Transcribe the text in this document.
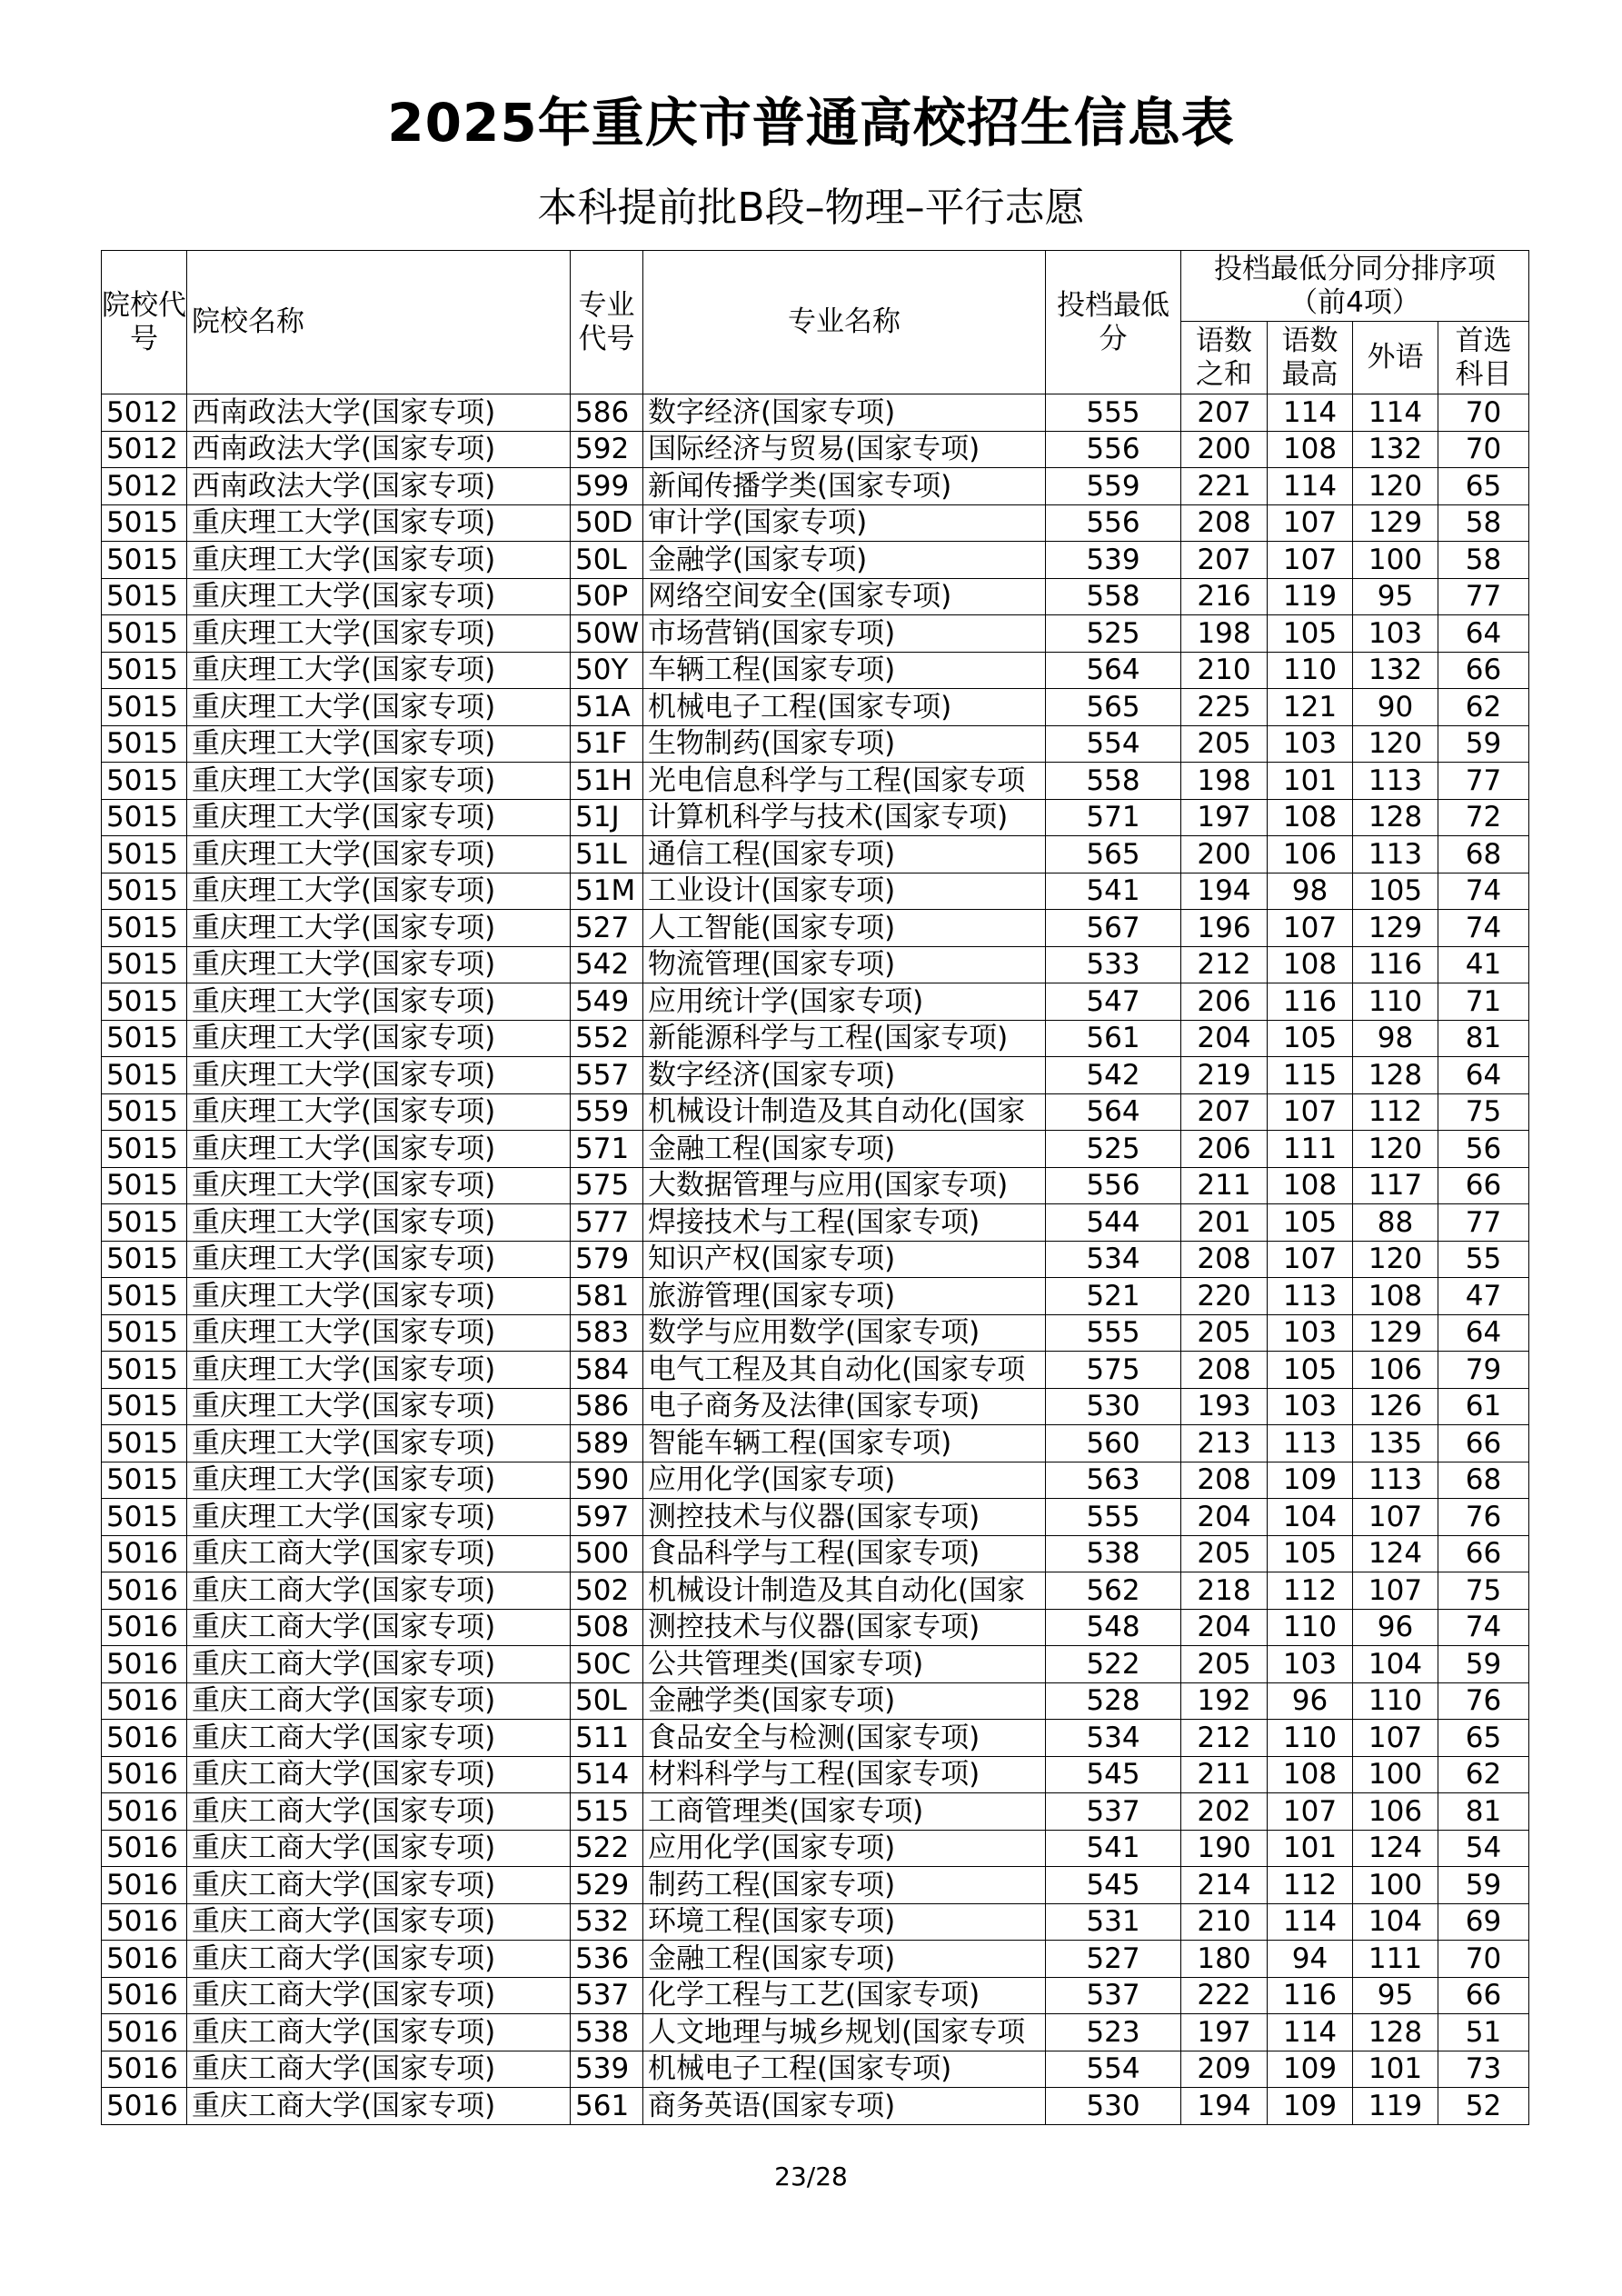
2025年重庆市普通高校招生信息表
本科提前批B段–物理–平行志愿
院校代号	院校名称	专业代号	专业名称	投档最低分	投档最低分同分排序项（前4项）			
					语数之和	语数最高	外语	首选科目
5012	西南政法大学(国家专项)	586	数字经济(国家专项)	555	207	114	114	70
5012	西南政法大学(国家专项)	592	国际经济与贸易(国家专项)	556	200	108	132	70
5012	西南政法大学(国家专项)	599	新闻传播学类(国家专项)	559	221	114	120	65
5015	重庆理工大学(国家专项)	50D	审计学(国家专项)	556	208	107	129	58
5015	重庆理工大学(国家专项)	50L	金融学(国家专项)	539	207	107	100	58
5015	重庆理工大学(国家专项)	50P	网络空间安全(国家专项)	558	216	119	95	77
5015	重庆理工大学(国家专项)	50W	市场营销(国家专项)	525	198	105	103	64
5015	重庆理工大学(国家专项)	50Y	车辆工程(国家专项)	564	210	110	132	66
5015	重庆理工大学(国家专项)	51A	机械电子工程(国家专项)	565	225	121	90	62
5015	重庆理工大学(国家专项)	51F	生物制药(国家专项)	554	205	103	120	59
5015	重庆理工大学(国家专项)	51H	光电信息科学与工程(国家专项	558	198	101	113	77
5015	重庆理工大学(国家专项)	51J	计算机科学与技术(国家专项)	571	197	108	128	72
5015	重庆理工大学(国家专项)	51L	通信工程(国家专项)	565	200	106	113	68
5015	重庆理工大学(国家专项)	51M	工业设计(国家专项)	541	194	98	105	74
5015	重庆理工大学(国家专项)	527	人工智能(国家专项)	567	196	107	129	74
5015	重庆理工大学(国家专项)	542	物流管理(国家专项)	533	212	108	116	41
5015	重庆理工大学(国家专项)	549	应用统计学(国家专项)	547	206	116	110	71
5015	重庆理工大学(国家专项)	552	新能源科学与工程(国家专项)	561	204	105	98	81
5015	重庆理工大学(国家专项)	557	数字经济(国家专项)	542	219	115	128	64
5015	重庆理工大学(国家专项)	559	机械设计制造及其自动化(国家	564	207	107	112	75
5015	重庆理工大学(国家专项)	571	金融工程(国家专项)	525	206	111	120	56
5015	重庆理工大学(国家专项)	575	大数据管理与应用(国家专项)	556	211	108	117	66
5015	重庆理工大学(国家专项)	577	焊接技术与工程(国家专项)	544	201	105	88	77
5015	重庆理工大学(国家专项)	579	知识产权(国家专项)	534	208	107	120	55
5015	重庆理工大学(国家专项)	581	旅游管理(国家专项)	521	220	113	108	47
5015	重庆理工大学(国家专项)	583	数学与应用数学(国家专项)	555	205	103	129	64
5015	重庆理工大学(国家专项)	584	电气工程及其自动化(国家专项	575	208	105	106	79
5015	重庆理工大学(国家专项)	586	电子商务及法律(国家专项)	530	193	103	126	61
5015	重庆理工大学(国家专项)	589	智能车辆工程(国家专项)	560	213	113	135	66
5015	重庆理工大学(国家专项)	590	应用化学(国家专项)	563	208	109	113	68
5015	重庆理工大学(国家专项)	597	测控技术与仪器(国家专项)	555	204	104	107	76
5016	重庆工商大学(国家专项)	500	食品科学与工程(国家专项)	538	205	105	124	66
5016	重庆工商大学(国家专项)	502	机械设计制造及其自动化(国家	562	218	112	107	75
5016	重庆工商大学(国家专项)	508	测控技术与仪器(国家专项)	548	204	110	96	74
5016	重庆工商大学(国家专项)	50C	公共管理类(国家专项)	522	205	103	104	59
5016	重庆工商大学(国家专项)	50L	金融学类(国家专项)	528	192	96	110	76
5016	重庆工商大学(国家专项)	511	食品安全与检测(国家专项)	534	212	110	107	65
5016	重庆工商大学(国家专项)	514	材料科学与工程(国家专项)	545	211	108	100	62
5016	重庆工商大学(国家专项)	515	工商管理类(国家专项)	537	202	107	106	81
5016	重庆工商大学(国家专项)	522	应用化学(国家专项)	541	190	101	124	54
5016	重庆工商大学(国家专项)	529	制药工程(国家专项)	545	214	112	100	59
5016	重庆工商大学(国家专项)	532	环境工程(国家专项)	531	210	114	104	69
5016	重庆工商大学(国家专项)	536	金融工程(国家专项)	527	180	94	111	70
5016	重庆工商大学(国家专项)	537	化学工程与工艺(国家专项)	537	222	116	95	66
5016	重庆工商大学(国家专项)	538	人文地理与城乡规划(国家专项	523	197	114	128	51
5016	重庆工商大学(国家专项)	539	机械电子工程(国家专项)	554	209	109	101	73
5016	重庆工商大学(国家专项)	561	商务英语(国家专项)	530	194	109	119	52
23/28
